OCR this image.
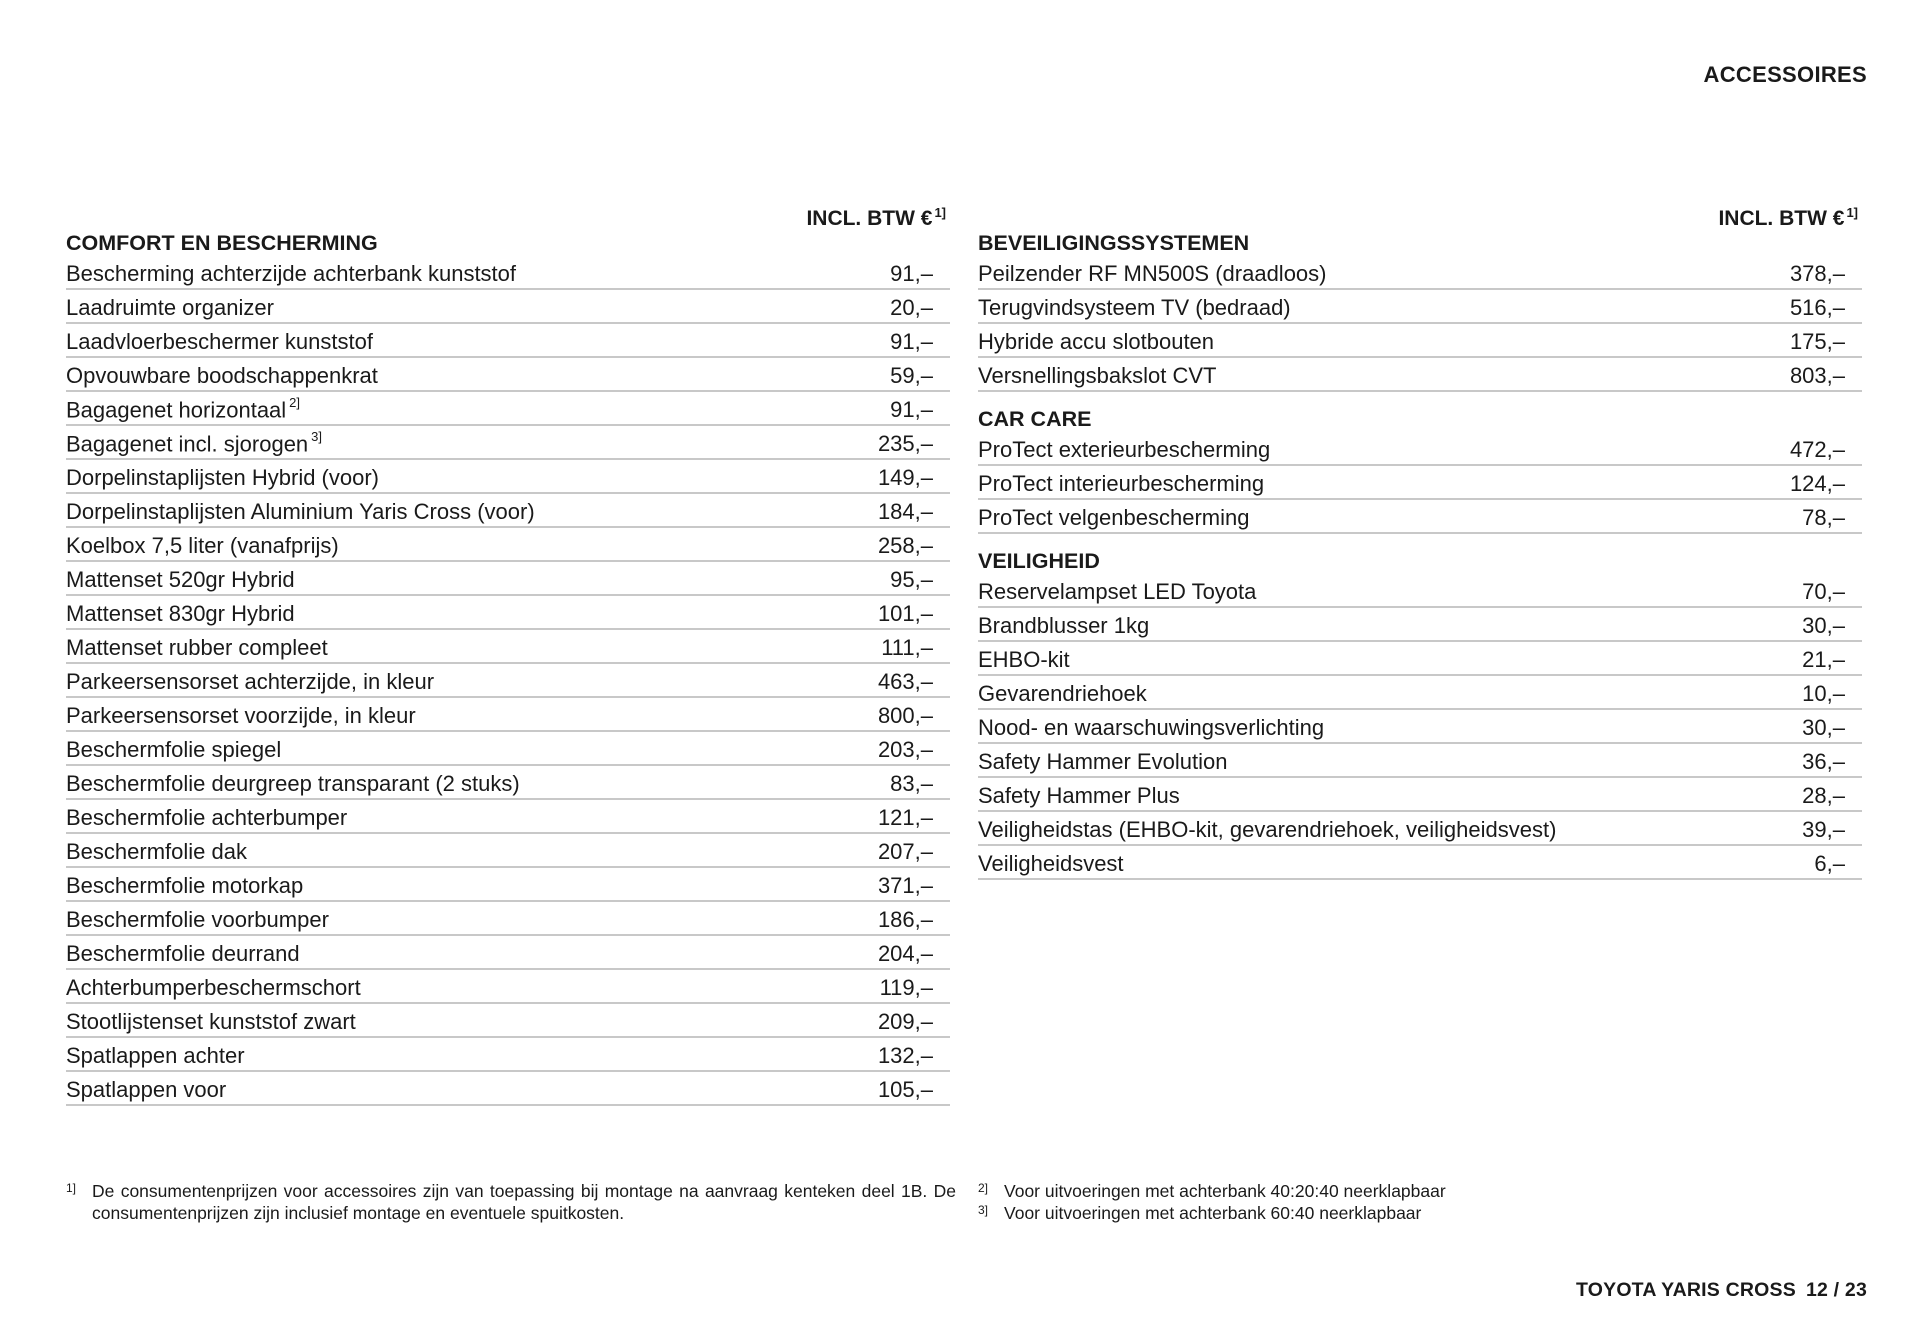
ACCESSOIRES
INCL. BTW € $^{1]}$
COMFORT EN BESCHERMING
Bescherming achterzijde achterbank kunststof	91,–
Laadruimte organizer	20,–
Laadvloerbeschermer kunststof	91,–
Opvouwbare boodschappenkrat	59,–
Bagagenet horizontaal $^{2]}$	91,–
Bagagenet incl. sjorogen $^{3]}$	235,–
Dorpelinstaplijsten Hybrid (voor)	149,–
Dorpelinstaplijsten Aluminium Yaris Cross (voor)	184,–
Koelbox 7,5 liter (vanafprijs)	258,–
Mattenset 520gr Hybrid	95,–
Mattenset 830gr Hybrid	101,–
Mattenset rubber compleet	111,–
Parkeersensorset achterzijde, in kleur	463,–
Parkeersensorset voorzijde, in kleur	800,–
Beschermfolie spiegel	203,–
Beschermfolie deurgreep transparant (2 stuks)	83,–
Beschermfolie achterbumper	121,–
Beschermfolie dak	207,–
Beschermfolie motorkap	371,–
Beschermfolie voorbumper	186,–
Beschermfolie deurrand	204,–
Achterbumperbeschermschort	119,–
Stootlijstenset kunststof zwart	209,–
Spatlappen achter	132,–
Spatlappen voor	105,–
INCL. BTW € $^{1]}$
BEVEILIGINGSSYSTEMEN
Peilzender RF MN500S (draadloos)	378,–
Terugvindsysteem TV (bedraad)	516,–
Hybride accu slotbouten	175,–
Versnellingsbakslot CVT	803,–
CAR CARE
ProTect exterieurbescherming	472,–
ProTect interieurbescherming	124,–
ProTect velgenbescherming	78,–
VEILIGHEID
Reservelampset LED Toyota	70,–
Brandblusser 1kg	30,–
EHBO-kit	21,–
Gevarendriehoek	10,–
Nood- en waarschuwingsverlichting	30,–
Safety Hammer Evolution	36,–
Safety Hammer Plus	28,–
Veiligheidstas (EHBO-kit, gevarendriehoek, veiligheidsvest)	39,–
Veiligheidsvest	6,–
1] De consumentenprijzen voor accessoires zijn van toepassing bij montage na aanvraag kenteken deel 1B. De consumentenprijzen zijn inclusief montage en eventuele spuitkosten.
2] Voor uitvoeringen met achterbank 40:20:40 neerklapbaar
3] Voor uitvoeringen met achterbank 60:40 neerklapbaar
TOYOTA YARIS CROSS 12 / 23
